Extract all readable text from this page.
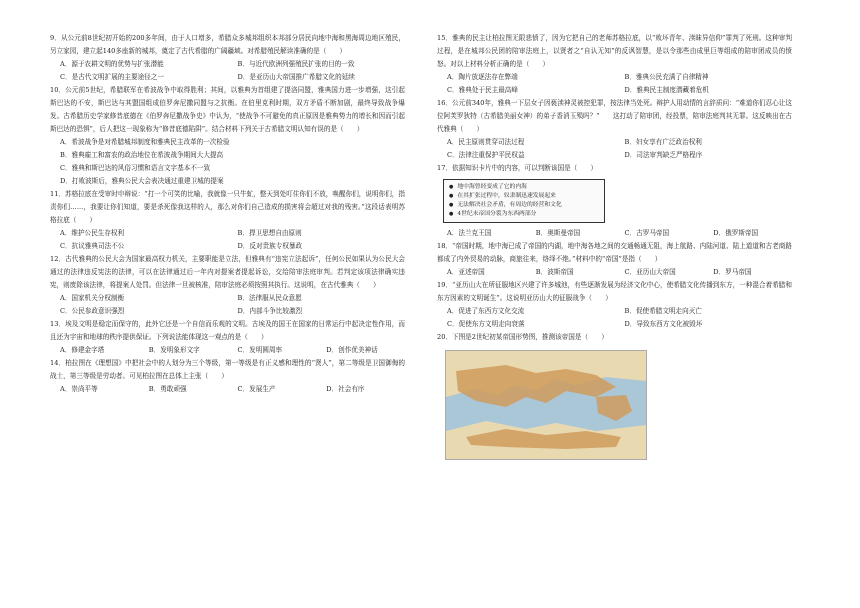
9．从公元前8世纪初开始的200多年间，由于人口增多，希腊众多城邦组织本邦部分居民向地中海和黑海周边地区殖民，另立家园，建立起140多座新的城邦，奠定了古代希腊的广阔疆域。对希腊殖民解读准确的是（　　）

A．源于农耕文明的优势与扩张潜能	B．与近代欧洲列强殖民扩张的目的一致
C．是古代文明扩展的主要途径之一	D．是亚历山大帝国推广希腊文化的延续

10．公元前5世纪，希腊联军在希波战争中取得胜利；其间，以雅典为首组建了提洛同盟，雅典国力进一步增强，这引起斯巴达的不安，斯巴达与其盟国组成伯罗奔尼撒同盟与之抗衡。在伯里克利时期，双方矛盾不断加剧，最终导致战争爆发。古希腊历史学家修昔底德在《伯罗奔尼撒战争史》中认为，“使战争不可避免的真正原因是雅典势力的增长和因而引起斯巴达的恐惧”，后人把这一现象称为“修昔底德陷阱”。结合材料下列关于古希腊文明认知有误的是（　　）

A．希波战争是对希腊城邦制度和雅典民主改革的一次检验
B．雅典雇工和富农的政治地位在希波战争期间大大提高
C．雅典和斯巴达的风俗习惯和语言文字基本不一致
D．打败波斯后，雅典公民大会表决通过重建卫城的提案

11．苏格拉底在受审时申辩说：“打一个可笑的比喻，我就像一只牛虻，整天到处叮住你们不放，唤醒你们，说明你们，指责你们……，我要让你们知道，要是杀死像我这样的人，那么对你们自己造成的损害将会超过对我的残害。”这段话表明苏格拉底（　　）

A．维护公民生存权利	B．捍卫思想自由原则
C．抗议雅典司法不公	D．反对贵族专权暴政

12．古代雅典的公民大会为国家最高权力机关，主要职能是立法，但雅典有“违宪立法起诉”，任何公民如果认为公民大会通过的法律违反宪法的法律，可以在法律通过后一年内对提案者提起诉讼，交给陪审法庭审判。若判定该项法律确实违宪，则废除该法律，将提案人处罚。但法律一旦被核准，陪审法庭必须按照其执行。这说明，在古代雅典（　　）

A．国家机关分权制衡	B．法律服从民众意愿
C．公民参政意识强烈	D．内部斗争比较激烈

13．埃及文明是稳定而保守的，此外它还是一个自信而乐观的文明。古埃及的国王在国家的日常运行中起决定性作用，而且还为宇宙和地球的秩序提供保证。下列说法能体现这一观点的是（　　）

A．修建金字塔	B．发明象形文字	C．发明圆周率	D．创作优美神话

14．柏拉图在《理想国》中把社会中的人划分为三个等级，第一等级是有正义感和理性的“贤人”，第二等级是卫国御侮的战士，第三等级是劳动者。可见柏拉图在总体上主张（　　）

A．崇尚平等	B．勇敢顽强	C．发展生产	D．社会有序

15．雅典的民主让柏拉图无限悲愤了，因为它把自己的老师苏格拉底，以“败坏青年、渎昧异信仰”罪判了死刑。这种审判过程，是在城邦公民团的陪审法庭上，以贤者之“自认无知”的反讽智慧，是以令那些由成里巨等组成的陪审团成员的愤怒。对以上材料分析正确的是（　　）

A．陶片放逐法存在弊端	B．雅典公民充满了自律精神
C．雅典处于民主最高峰	D．雅典民主制度潜藏着危机

16．公元前340年，雅典一下层女子因亵渎神灵被控犯罪，按法律当处死。辩护人用动情的言辞质问：“难道你们忍心让这位阿芙罗狄特（古希腊美丽女神）的弟子香消玉殒吗？”　　这打动了陪审团，经投票，陪审法庭判其无罪。这反映出在古代雅典（　　）

A．民主原则贯穿司法过程	B．妇女享有广泛政治权利
C．法律注重保护平民权益	D．司法审判缺乏严格程序

17．依据知识卡片中的内容，可以判断该国是（　　）

● 地中海曾经变成了它的内海
● 在其扩张过程中，奴隶制迅速发展起来
● 无法解决社会矛盾，有周边的经营和文化
● 4世纪末帝国分裂为东西两部分
A．法兰克王国	B．奥斯曼帝国	C．古罗马帝国	D．俄罗斯帝国

18．“帝国时期，地中海已成了帝国的内湖，地中海各地之间的交通畅通无阻，海上航路、内陆河道、陆上道道和古老商路都成了内外贸易的动脉，商旅往来，络绎不绝。”材料中的“帝国”是指（　　）

A．亚述帝国	B．波斯帝国	C．亚历山大帝国	D．罗马帝国

19．“亚历山大在所征服地区兴建了许多城池，有些逐渐发展为经济文化中心，使希腊文化传播到东方，一种混合着希腊和东方因素的文明诞生”。这说明亚历山大的征服战争（　　）

A．促进了东西方文化交流	B．促使希腊文明走向灭亡
C．促使东方文明走向衰落	D．导致东西方文化被毁坏

20．下图是2世纪初某帝国形势图，推测该帝国是（　　）
